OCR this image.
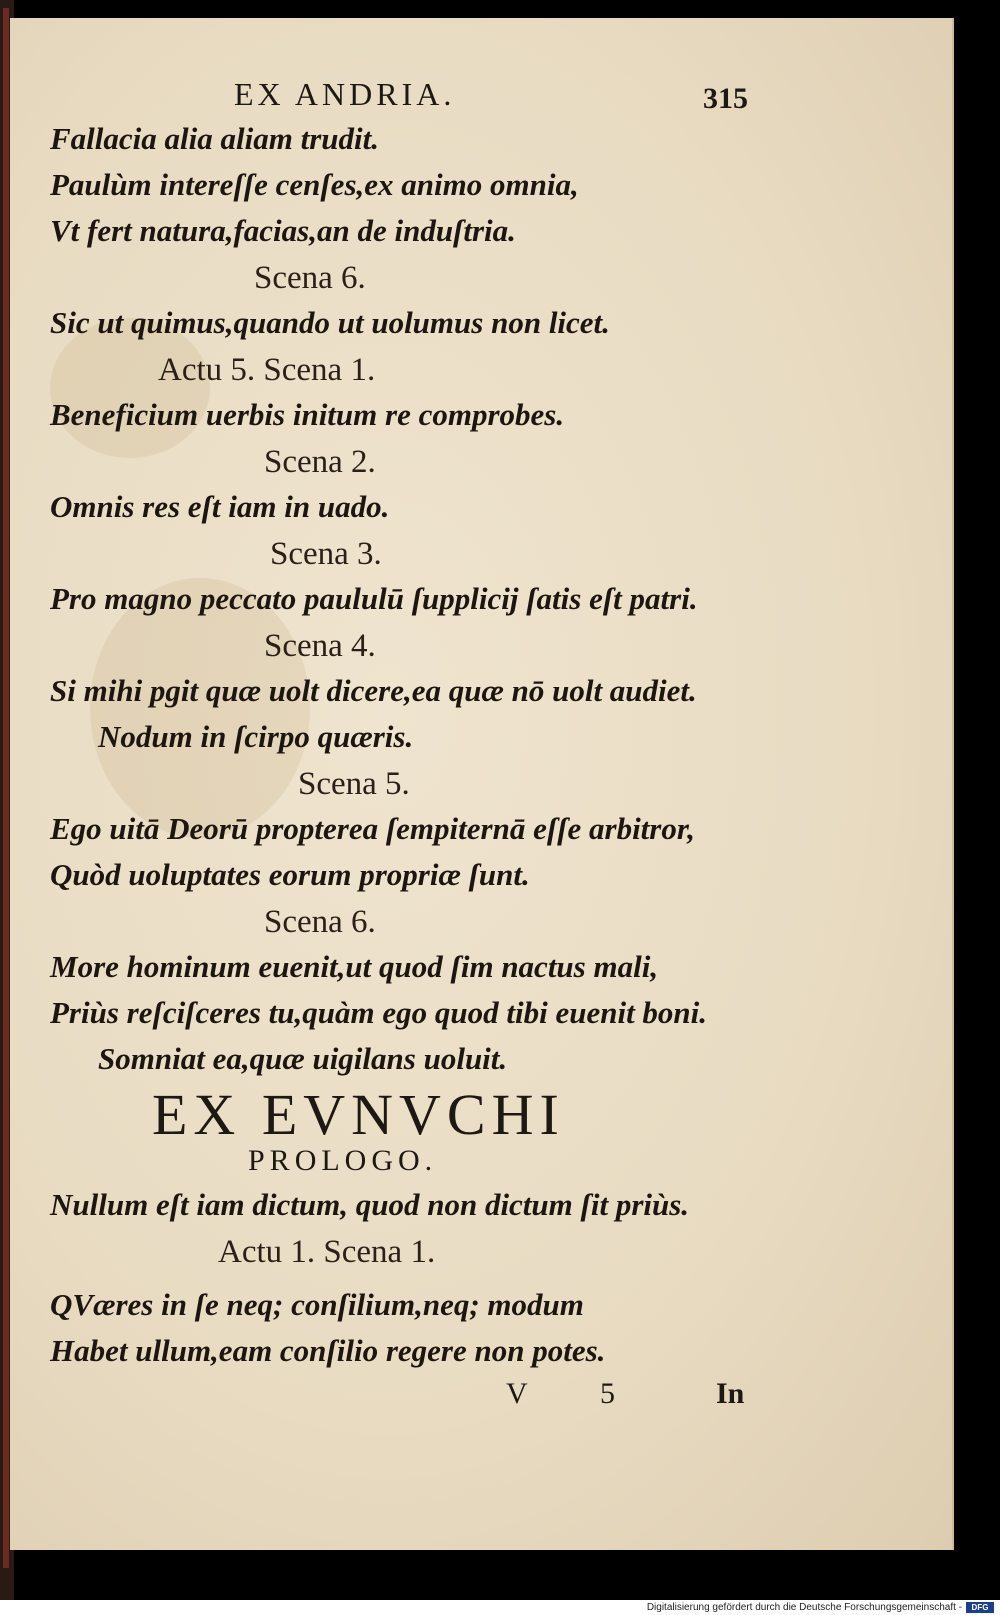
EX ANDRIA.	315
Fallacia alia aliam trudit.
Paulùm intereſſe cenſes,ex animo omnia,
Vt fert natura,facias,an de induſtria.
Scena 6.
Sic ut quimus,quando ut uolumus non licet.
Actu 5. Scena 1.
Beneficium uerbis initum re comprobes.
Scena 2.
Omnis res eſt iam in uado.
Scena 3.
Pro magno peccato paululū ſupplicij ſatis eſt patri.
Scena 4.
Si mihi pgit quæ uolt dicere,ea quæ nō uolt audiet.
Nodum in ſcirpo quæris.
Scena 5.
Ego uitā Deorū propterea ſempiternā eſſe arbitror,
Quòd uoluptates eorum propriæ ſunt.
Scena 6.
More hominum euenit,ut quod ſim nactus mali,
Priùs reſciſceres tu,quàm ego quod tibi euenit boni.
Somniat ea,quæ uigilans uoluit.
EX EVNVCHI
PROLOGO.
Nullum eſt iam dictum, quod non dictum ſit priùs.
Actu 1. Scena 1.
QVæres in ſe neq; conſilium,neq; modum
Habet ullum,eam conſilio regere non potes.
V 5	In
Digitalisierung gefördert durch die Deutsche Forschungsgemeinschaft -	DFG
